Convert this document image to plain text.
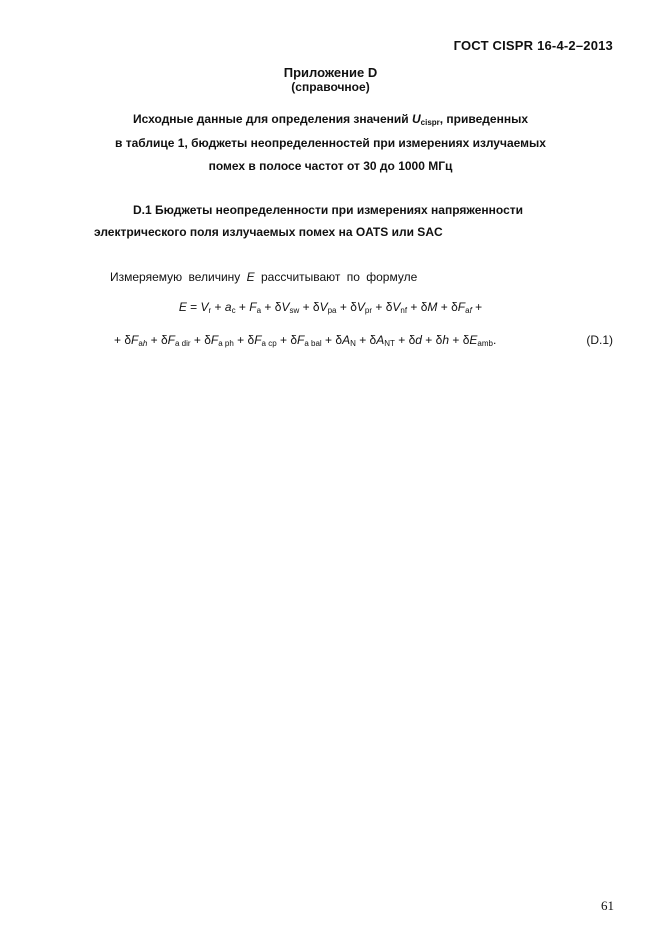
ГОСТ CISPR 16-4-2–2013
Приложение D
(справочное)
Исходные данные для определения значений $U_{cispr}$, приведенных
в таблице 1, бюджеты неопределенностей при измерениях излучаемых
помех в полосе частот от 30 до 1000 МГц
D.1 Бюджеты неопределенности при измерениях напряженности
электрического поля излучаемых помех на OATS или SAC
Измеряемую величину E рассчитывают по формуле
$E = V_r + a_c + F_a + \delta V_{sw} + \delta V_{pa} + \delta V_{pr} + \delta V_{nf} + \delta M + \delta F_{af}$ +
+ $\delta F_{ah} + \delta F_{a dir} + \delta F_{a ph} + \delta F_{a cp} + \delta F_{a bal} + \delta A_N + \delta A_{NT} + \delta d + \delta h + \delta E_{amb}$.	(D.1)
61
